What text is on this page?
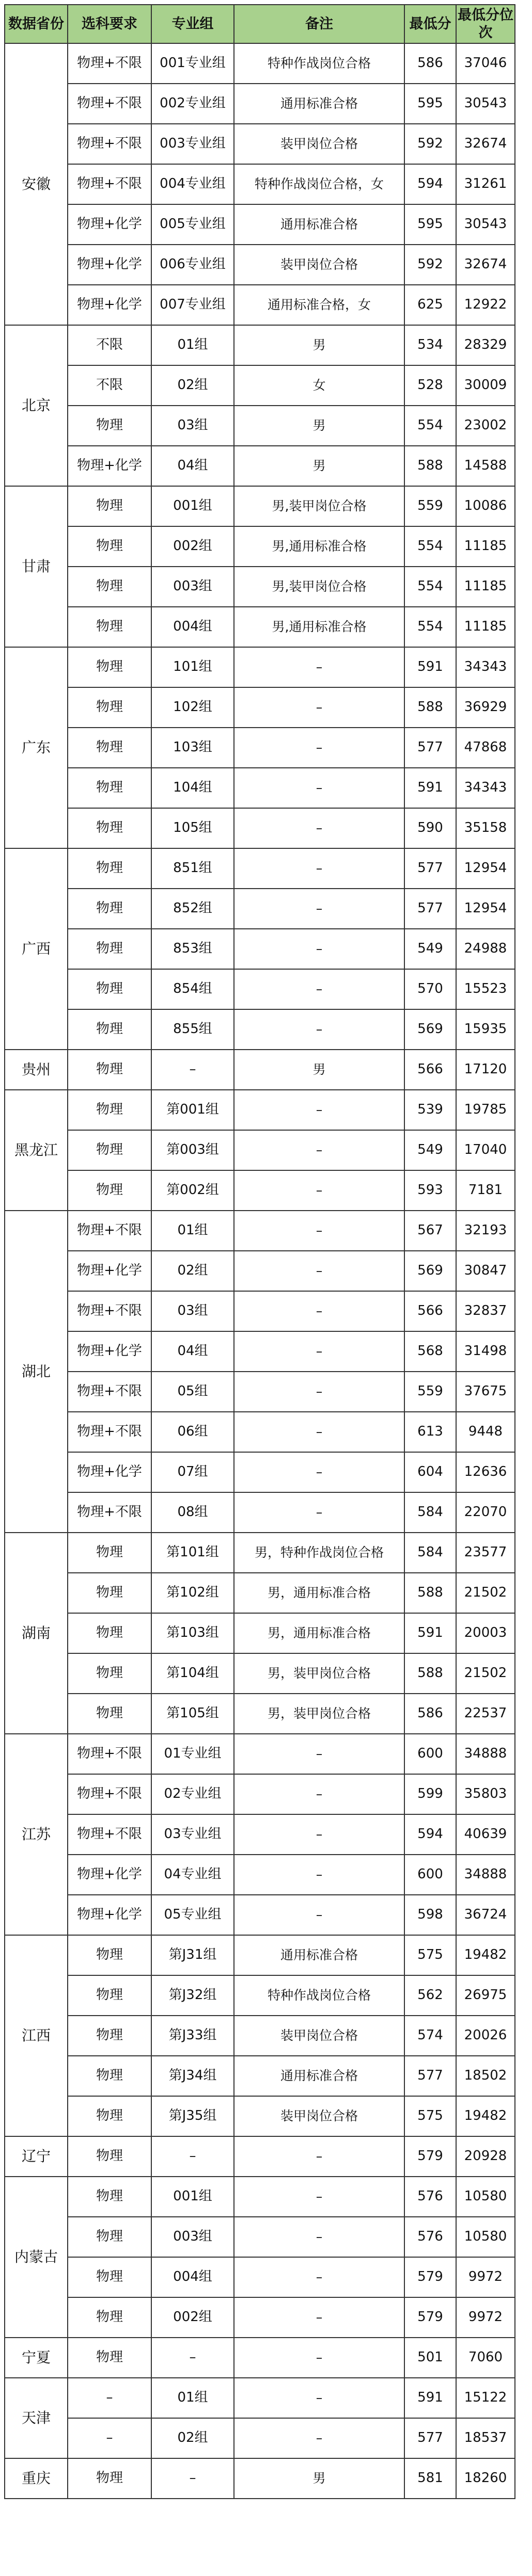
数据省份	选科要求	专业组	备注	最低分	最低分位次
安徽	物理+不限	001专业组	特种作战岗位合格	586	37046
	物理+不限	002专业组	通用标准合格	595	30543
	物理+不限	003专业组	装甲岗位合格	592	32674
	物理+不限	004专业组	特种作战岗位合格，女	594	31261
	物理+化学	005专业组	通用标准合格	595	30543
	物理+化学	006专业组	装甲岗位合格	592	32674
	物理+化学	007专业组	通用标准合格，女	625	12922
北京	不限	01组	男	534	28329
	不限	02组	女	528	30009
	物理	03组	男	554	23002
	物理+化学	04组	男	588	14588
甘肃	物理	001组	男,装甲岗位合格	559	10086
	物理	002组	男,通用标准合格	554	11185
	物理	003组	男,装甲岗位合格	554	11185
	物理	004组	男,通用标准合格	554	11185
广东	物理	101组	–	591	34343
	物理	102组	–	588	36929
	物理	103组	–	577	47868
	物理	104组	–	591	34343
	物理	105组	–	590	35158
广西	物理	851组	–	577	12954
	物理	852组	–	577	12954
	物理	853组	–	549	24988
	物理	854组	–	570	15523
	物理	855组	–	569	15935
贵州	物理	–	男	566	17120
黑龙江	物理	第001组	–	539	19785
	物理	第003组	–	549	17040
	物理	第002组	–	593	7181
湖北	物理+不限	01组	–	567	32193
	物理+化学	02组	–	569	30847
	物理+不限	03组	–	566	32837
	物理+化学	04组	–	568	31498
	物理+不限	05组	–	559	37675
	物理+不限	06组	–	613	9448
	物理+化学	07组	–	604	12636
	物理+不限	08组	–	584	22070
湖南	物理	第101组	男，特种作战岗位合格	584	23577
	物理	第102组	男，通用标准合格	588	21502
	物理	第103组	男，通用标准合格	591	20003
	物理	第104组	男，装甲岗位合格	588	21502
	物理	第105组	男，装甲岗位合格	586	22537
江苏	物理+不限	01专业组	–	600	34888
	物理+不限	02专业组	–	599	35803
	物理+不限	03专业组	–	594	40639
	物理+化学	04专业组	–	600	34888
	物理+化学	05专业组	–	598	36724
江西	物理	第J31组	通用标准合格	575	19482
	物理	第J32组	特种作战岗位合格	562	26975
	物理	第J33组	装甲岗位合格	574	20026
	物理	第J34组	通用标准合格	577	18502
	物理	第J35组	装甲岗位合格	575	19482
辽宁	物理	–	–	579	20928
内蒙古	物理	001组	–	576	10580
	物理	003组	–	576	10580
	物理	004组	–	579	9972
	物理	002组	–	579	9972
宁夏	物理	–	–	501	7060
天津	–	01组	–	591	15122
	–	02组	–	577	18537
重庆	物理	–	男	581	18260
